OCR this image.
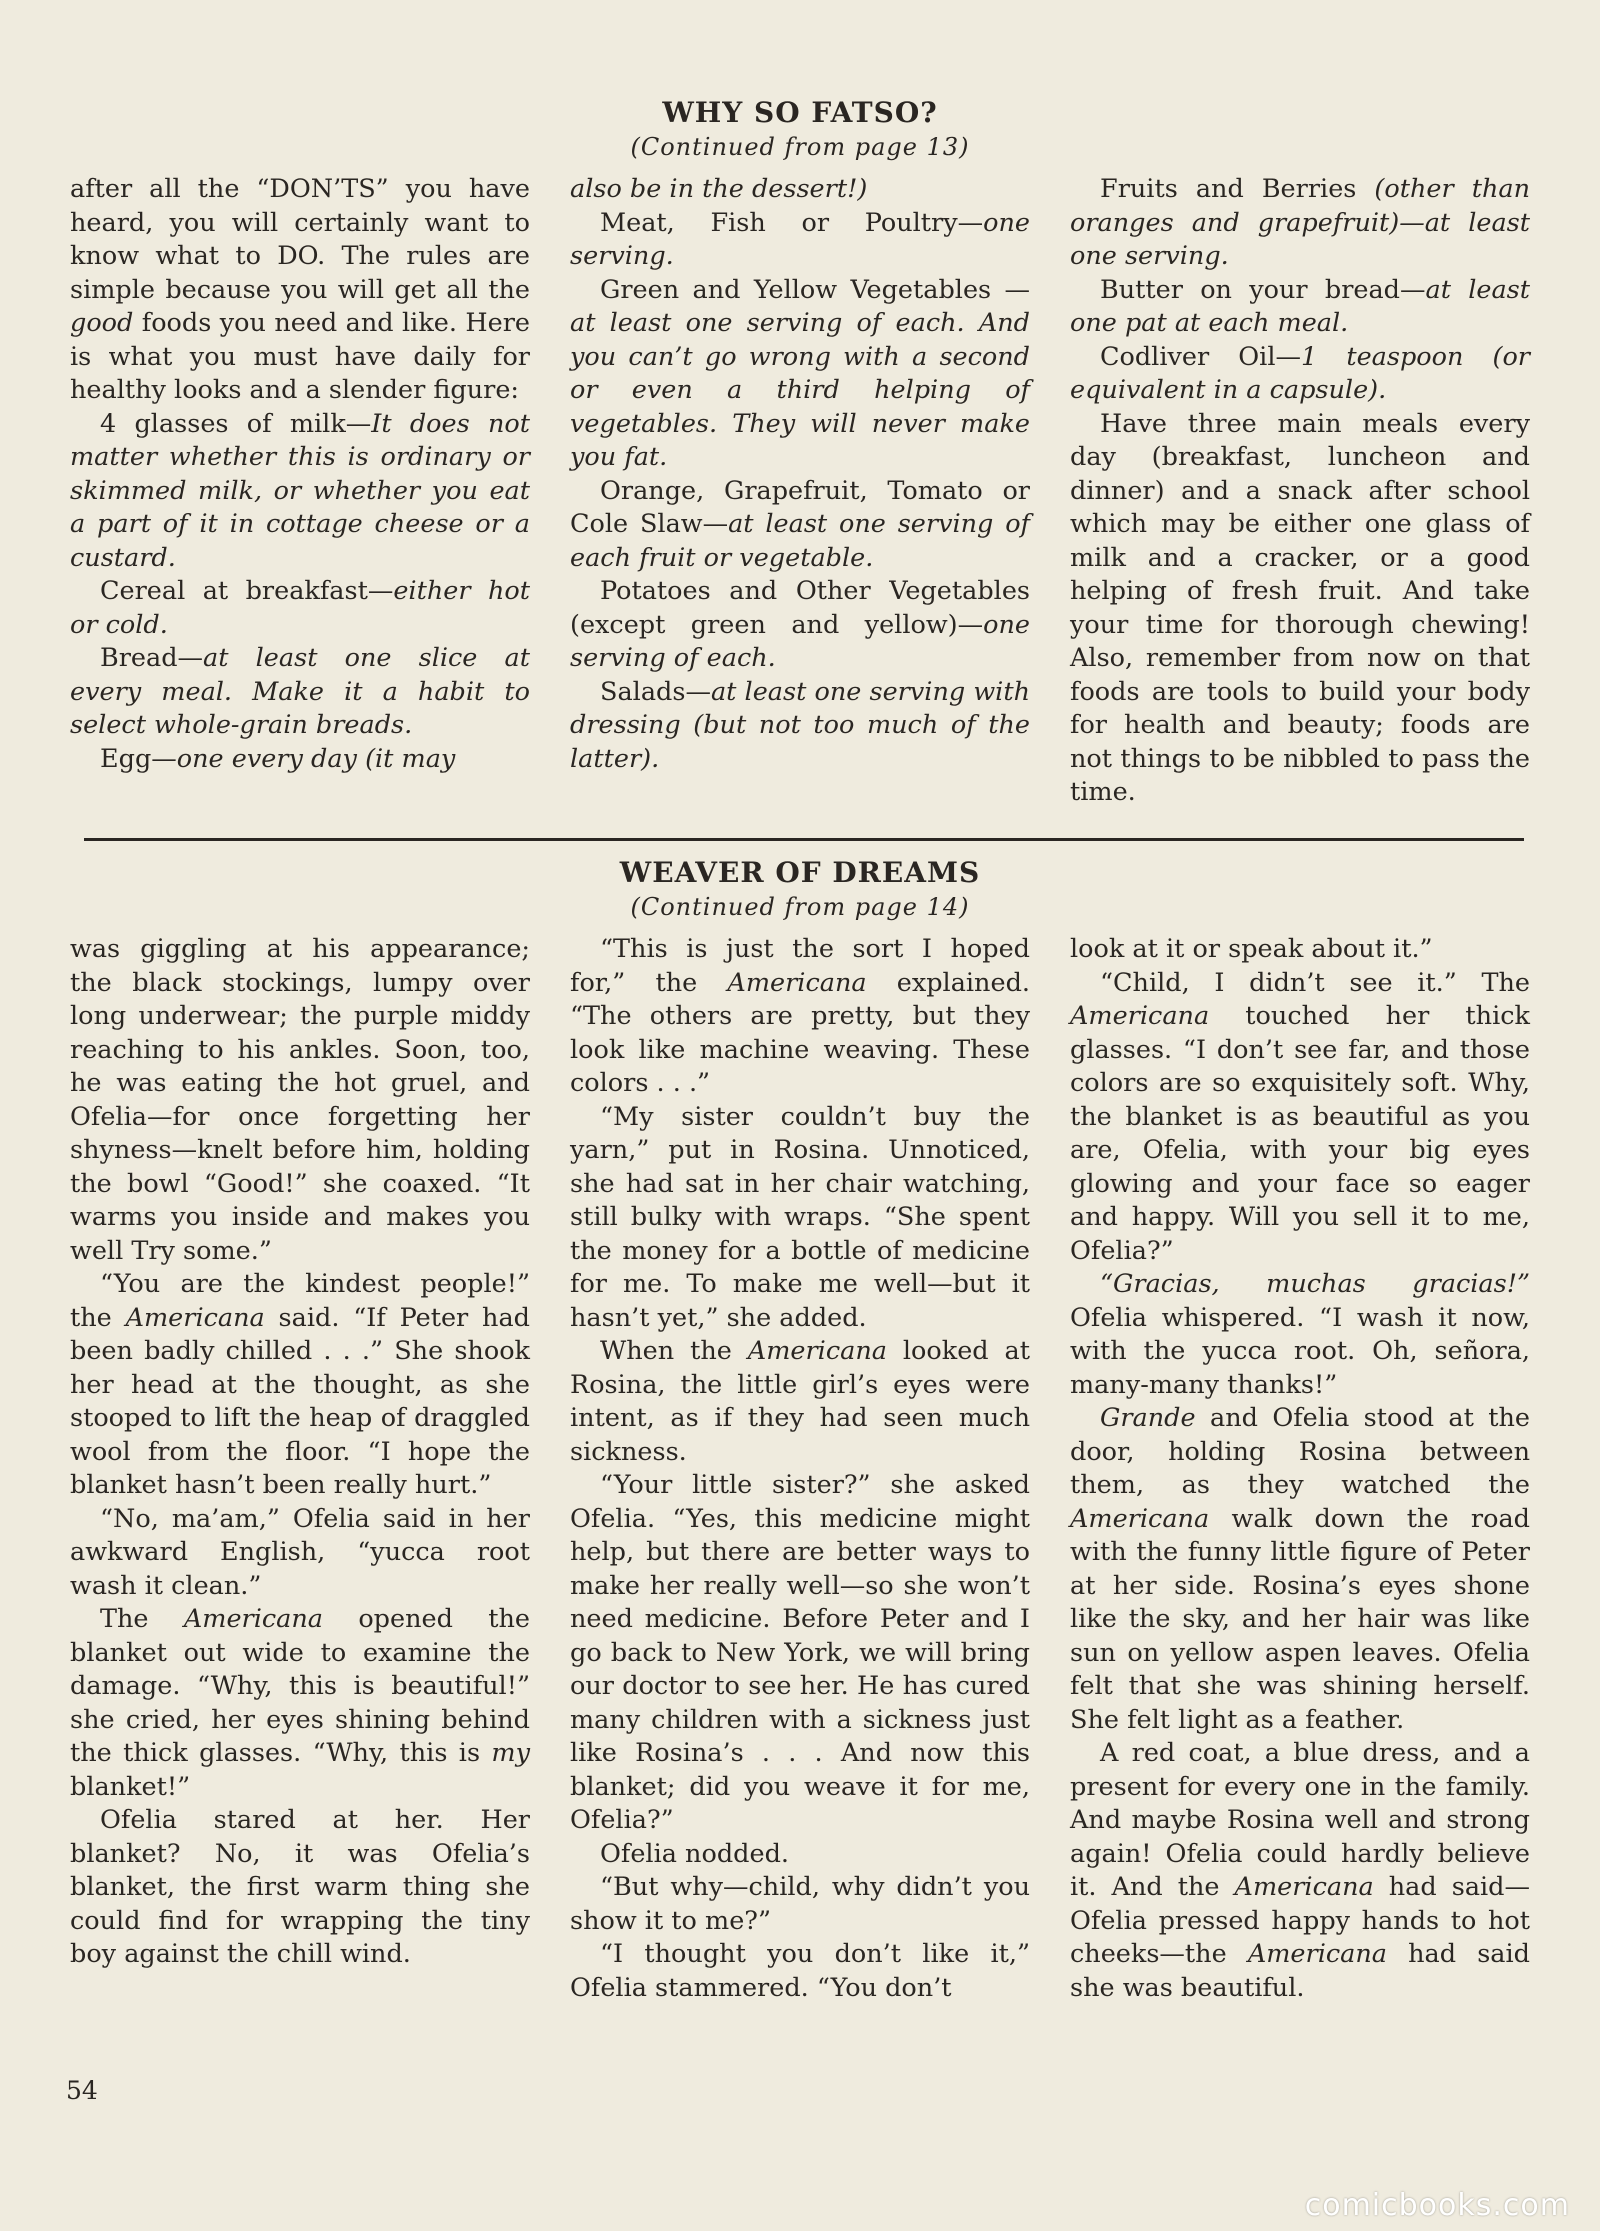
WHY SO FATSO?
(Continued from page 13)

after all the “DON’TS” you have heard, you will certainly want to know what to DO. The rules are simple because you will get all the good foods you need and like. Here is what you must have daily for healthy looks and a slender figure:

4 glasses of milk—It does not matter whether this is ordinary or skimmed milk, or whether you eat a part of it in cottage cheese or a custard.

Cereal at breakfast—either hot or cold.

Bread—at least one slice at every meal. Make it a habit to select whole-grain breads.

Egg—one every day (it may

also be in the dessert!)

Meat, Fish or Poultry—one serving.

Green and Yellow Vegetables —at least one serving of each. And you can’t go wrong with a second or even a third helping of vegetables. They will never make you fat.

Orange, Grapefruit, Tomato or Cole Slaw—at least one serving of each fruit or vegetable.

Potatoes and Other Vegetables (except green and yellow)—one serving of each.

Salads—at least one serving with dressing (but not too much of the latter).

Fruits and Berries (other than oranges and grapefruit)—at least one serving.

Butter on your bread—at least one pat at each meal.

Codliver Oil—1 teaspoon (or equivalent in a capsule).

Have three main meals every day (breakfast, luncheon and dinner) and a snack after school which may be either one glass of milk and a cracker, or a good helping of fresh fruit. And take your time for thorough chewing! Also, remember from now on that foods are tools to build your body for health and beauty; foods are not things to be nibbled to pass the time.

WEAVER OF DREAMS
(Continued from page 14)

was giggling at his appearance; the black stockings, lumpy over long underwear; the purple middy reaching to his ankles. Soon, too, he was eating the hot gruel, and Ofelia—for once forgetting her shyness—knelt before him, holding the bowl “Good!” she coaxed. “It warms you inside and makes you well Try some.”

“You are the kindest people!” the Americana said. “If Peter had been badly chilled . . .” She shook her head at the thought, as she stooped to lift the heap of draggled wool from the floor. “I hope the blanket hasn’t been really hurt.”

“No, ma’am,” Ofelia said in her awkward English, “yucca root wash it clean.”

The Americana opened the blanket out wide to examine the damage. “Why, this is beautiful!” she cried, her eyes shining behind the thick glasses. “Why, this is my blanket!”

Ofelia stared at her. Her blanket? No, it was Ofelia’s blanket, the first warm thing she could find for wrapping the tiny boy against the chill wind.

“This is just the sort I hoped for,” the Americana explained. “The others are pretty, but they look like machine weaving. These colors . . .”

“My sister couldn’t buy the yarn,” put in Rosina. Unnoticed, she had sat in her chair watching, still bulky with wraps. “She spent the money for a bottle of medicine for me. To make me well—but it hasn’t yet,” she added.

When the Americana looked at Rosina, the little girl’s eyes were intent, as if they had seen much sickness.

“Your little sister?” she asked Ofelia. “Yes, this medicine might help, but there are better ways to make her really well—so she won’t need medicine. Before Peter and I go back to New York, we will bring our doctor to see her. He has cured many children with a sickness just like Rosina’s . . . And now this blanket; did you weave it for me, Ofelia?”

Ofelia nodded.

“But why—child, why didn’t you show it to me?”

“I thought you don’t like it,” Ofelia stammered. “You don’t

look at it or speak about it.”

“Child, I didn’t see it.” The Americana touched her thick glasses. “I don’t see far, and those colors are so exquisitely soft. Why, the blanket is as beautiful as you are, Ofelia, with your big eyes glowing and your face so eager and happy. Will you sell it to me, Ofelia?”

“Gracias, muchas gracias!” Ofelia whispered. “I wash it now, with the yucca root. Oh, señora, many-many thanks!”

Grande and Ofelia stood at the door, holding Rosina between them, as they watched the Americana walk down the road with the funny little figure of Peter at her side. Rosina’s eyes shone like the sky, and her hair was like sun on yellow aspen leaves. Ofelia felt that she was shining herself. She felt light as a feather.

A red coat, a blue dress, and a present for every one in the family. And maybe Rosina well and strong again! Ofelia could hardly believe it. And the Americana had said—Ofelia pressed happy hands to hot cheeks—the Americana had said she was beautiful.

54
comicbooks.com
